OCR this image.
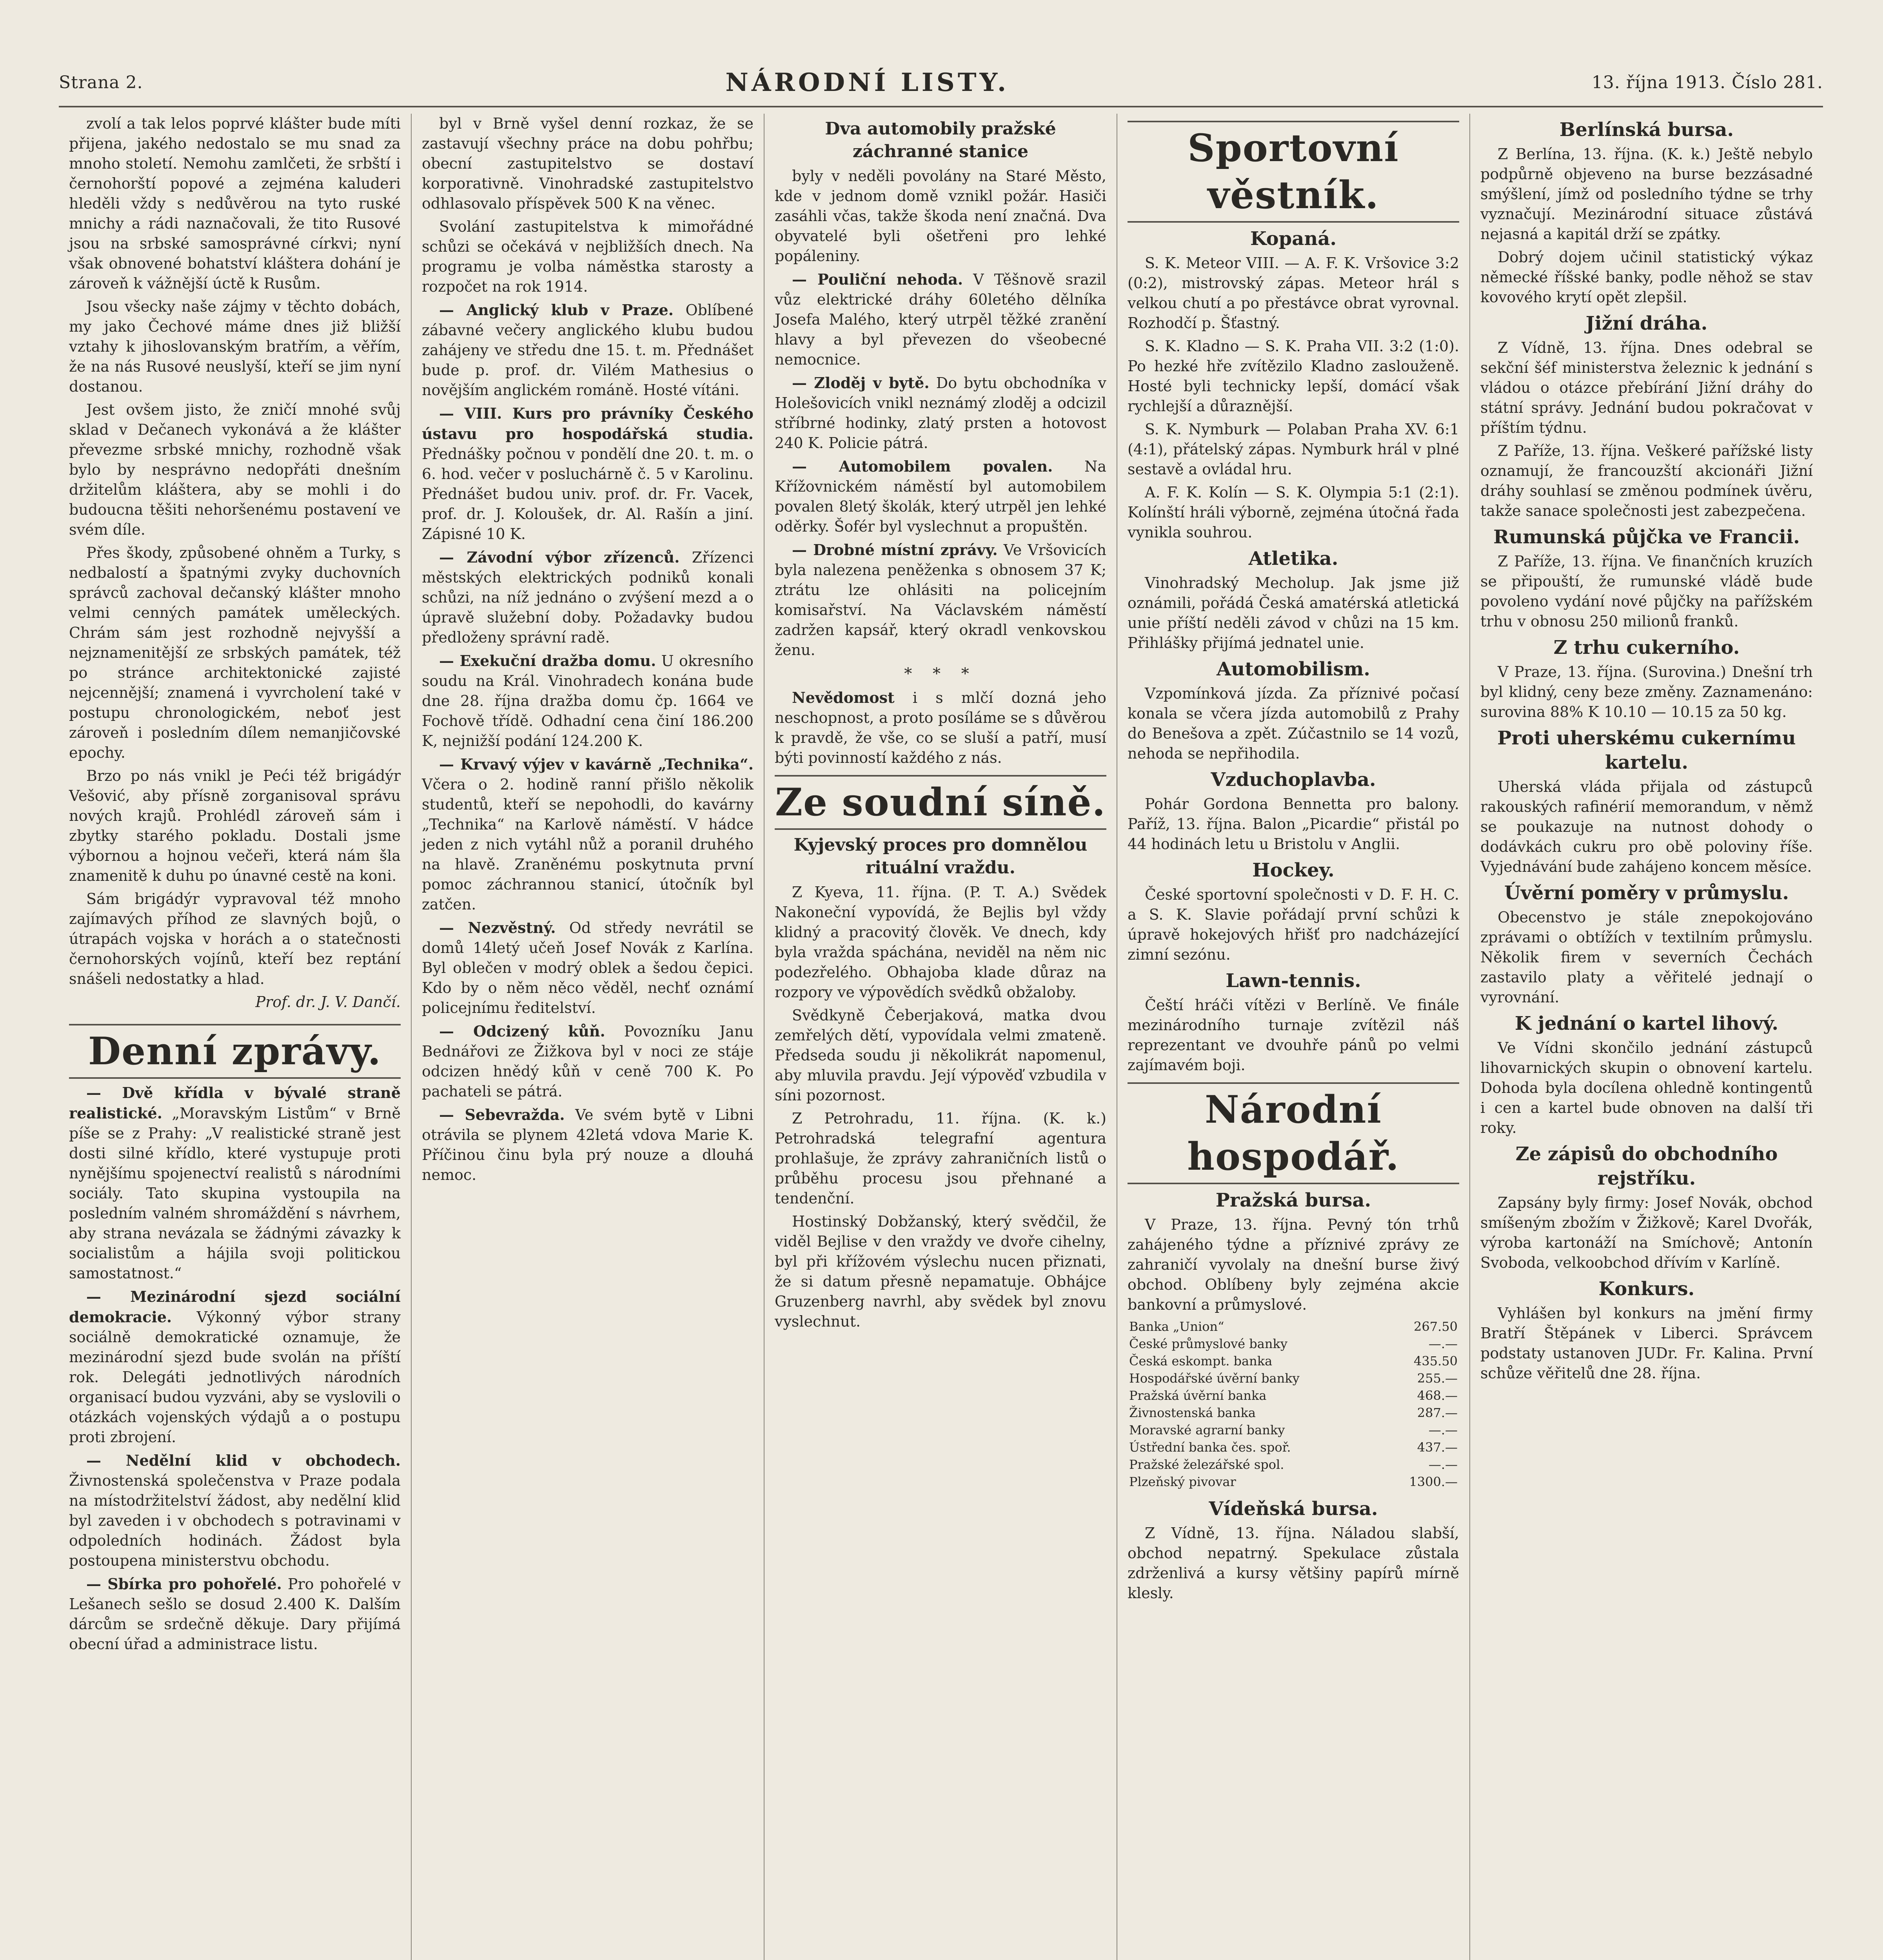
Strana 2.	NÁRODNÍ LISTY.	13. října 1913. Číslo 281.

zvolí a tak lelos poprvé klášter bude míti přijena, jakého nedostalo se mu snad za mnoho století. Nemohu zamlčeti, že srbští i černohorští popové a zejména kaluderi hleděli vždy s nedůvěrou na tyto ruské mnichy a rádi naznačovali, že tito Rusové jsou na srbské samosprávné církvi; nyní však obnovené bohatství kláštera dohání je zároveň k vážnější úctě k Rusům.

Jsou všecky naše zájmy v těchto dobách, my jako Čechové máme dnes již bližší vztahy k jihoslovanským bratřím, a věřím, že na nás Rusové neuslyší, kteří se jim nyní dostanou.

Jest ovšem jisto, že zničí mnohé svůj sklad v Dečanech vykonává a že klášter převezme srbské mnichy, rozhodně však bylo by nesprávno nedopřáti dnešním držitelům kláštera, aby se mohli i do budoucna těšiti nehoršenému postavení ve svém díle.

Přes škody, způsobené ohněm a Turky, s nedbalostí a špatnými zvyky duchovních správců zachoval dečanský klášter mnoho velmi cenných památek uměleckých. Chrám sám jest rozhodně nejvyšší a nejznamenitější ze srbských památek, též po stránce architektonické zajisté nejcennější; znamená i vyvrcholení také v postupu chronologickém, neboť jest zároveň i posledním dílem nemanjičovské epochy.

Brzo po nás vnikl je Peći též brigádýr Vešović, aby přísně zorganisoval správu nových krajů. Prohlédl zároveň sám i zbytky starého pokladu. Dostali jsme výbornou a hojnou večeři, která nám šla znamenitě k duhu po únavné cestě na koni.

Sám brigádýr vypravoval též mnoho zajímavých příhod ze slavných bojů, o útrapách vojska v horách a o statečnosti černohorských vojínů, kteří bez reptání snášeli nedostatky a hlad.

Prof. dr. J. V. Dančí.

Denní zprávy.

— Dvě křídla v bývalé straně realistické. „Moravským Listům“ v Brně píše se z Prahy: „V realistické straně jest dosti silné křídlo, které vystupuje proti nynějšímu spojenectví realistů s národními sociály. Tato skupina vystoupila na posledním valném shromáždění s návrhem, aby strana nevázala se žádnými závazky k socialistům a hájila svoji politickou samostatnost.“

— Mezinárodní sjezd sociální demokracie. Výkonný výbor strany sociálně demokratické oznamuje, že mezinárodní sjezd bude svolán na příští rok. Delegáti jednotlivých národních organisací budou vyzváni, aby se vyslovili o otázkách vojenských výdajů a o postupu proti zbrojení.

— Nedělní klid v obchodech. Živnostenská společenstva v Praze podala na místodržitelství žádost, aby nedělní klid byl zaveden i v obchodech s potravinami v odpoledních hodinách. Žádost byla postoupena ministerstvu obchodu.

— Sbírka pro pohořelé. Pro pohořelé v Lešanech sešlo se dosud 2.400 K. Dalším dárcům se srdečně děkuje. Dary přijímá obecní úřad a administrace listu.

byl v Brně vyšel denní rozkaz, že se zastavují všechny práce na dobu pohřbu; obecní zastupitelstvo se dostaví korporativně. Vinohradské zastupitelstvo odhlasovalo příspěvek 500 K na věnec.

Svolání zastupitelstva k mimořádné schůzi se očekává v nejbližších dnech. Na programu je volba náměstka starosty a rozpočet na rok 1914.

— Anglický klub v Praze. Oblíbené zábavné večery anglického klubu budou zahájeny ve středu dne 15. t. m. Přednášet bude p. prof. dr. Vilém Mathesius o novějším anglickém románě. Hosté vítáni.

— VIII. Kurs pro právníky Českého ústavu pro hospodářská studia. Přednášky počnou v pondělí dne 20. t. m. o 6. hod. večer v posluchárně č. 5 v Karolinu. Přednášet budou univ. prof. dr. Fr. Vacek, prof. dr. J. Koloušek, dr. Al. Rašín a jiní. Zápisné 10 K.

— Závodní výbor zřízenců. Zřízenci městských elektrických podniků konali schůzi, na níž jednáno o zvýšení mezd a o úpravě služební doby. Požadavky budou předloženy správní radě.

— Exekuční dražba domu. U okresního soudu na Král. Vinohradech konána bude dne 28. října dražba domu čp. 1664 ve Fochově třídě. Odhadní cena činí 186.200 K, nejnižší podání 124.200 K.

— Krvavý výjev v kavárně „Technika“. Včera o 2. hodině ranní přišlo několik studentů, kteří se nepohodli, do kavárny „Technika“ na Karlově náměstí. V hádce jeden z nich vytáhl nůž a poranil druhého na hlavě. Zraněnému poskytnuta první pomoc záchrannou stanicí, útočník byl zatčen.

— Nezvěstný. Od středy nevrátil se domů 14letý učeň Josef Novák z Karlína. Byl oblečen v modrý oblek a šedou čepici. Kdo by o něm něco věděl, nechť oznámí policejnímu ředitelství.

— Odcizený kůň. Povozníku Janu Bednářovi ze Žižkova byl v noci ze stáje odcizen hnědý kůň v ceně 700 K. Po pachateli se pátrá.

— Sebevražda. Ve svém bytě v Libni otrávila se plynem 42letá vdova Marie K. Příčinou činu byla prý nouze a dlouhá nemoc.

Dva automobily pražské záchranné stanice

byly v neděli povolány na Staré Město, kde v jednom domě vznikl požár. Hasiči zasáhli včas, takže škoda není značná. Dva obyvatelé byli ošetřeni pro lehké popáleniny.

— Pouliční nehoda. V Těšnově srazil vůz elektrické dráhy 60letého dělníka Josefa Malého, který utrpěl těžké zranění hlavy a byl převezen do všeobecné nemocnice.

— Zloděj v bytě. Do bytu obchodníka v Holešovicích vnikl neznámý zloděj a odcizil stříbrné hodinky, zlatý prsten a hotovost 240 K. Policie pátrá.

— Automobilem povalen. Na Křížovnickém náměstí byl automobilem povalen 8letý školák, který utrpěl jen lehké oděrky. Šofér byl vyslechnut a propuštěn.

— Drobné místní zprávy. Ve Vršovicích byla nalezena peněženka s obnosem 37 K; ztrátu lze ohlásiti na policejním komisařství. Na Václavském náměstí zadržen kapsář, který okradl venkovskou ženu.

* * *

Nevědomost i s mlčí dozná jeho neschopnost, a proto posíláme se s důvěrou k pravdě, že vše, co se sluší a patří, musí býti povinností každého z nás.

Ze soudní síně.
Kyjevský proces pro domnělou rituální vraždu.

Z Kyeva, 11. října. (P. T. A.) Svědek Nakoneční vypovídá, že Bejlis byl vždy klidný a pracovitý člověk. Ve dnech, kdy byla vražda spáchána, neviděl na něm nic podezřelého. Obhajoba klade důraz na rozpory ve výpovědích svědků obžaloby.

Svědkyně Čeberjaková, matka dvou zemřelých dětí, vypovídala velmi zmateně. Předseda soudu ji několikrát napomenul, aby mluvila pravdu. Její výpověď vzbudila v síni pozornost.

Z Petrohradu, 11. října. (K. k.) Petrohradská telegrafní agentura prohlašuje, že zprávy zahraničních listů o průběhu procesu jsou přehnané a tendenční.

Hostinský Dobžanský, který svědčil, že viděl Bejlise v den vraždy ve dvoře cihelny, byl při křížovém výslechu nucen přiznati, že si datum přesně nepamatuje. Obhájce Gruzenberg navrhl, aby svědek byl znovu vyslechnut.

Sportovní věstník.
Kopaná.

S. K. Meteor VIII. — A. F. K. Vršovice 3:2 (0:2), mistrovský zápas. Meteor hrál s velkou chutí a po přestávce obrat vyrovnal. Rozhodčí p. Šťastný.

S. K. Kladno — S. K. Praha VII. 3:2 (1:0). Po hezké hře zvítězilo Kladno zaslouženě. Hosté byli technicky lepší, domácí však rychlejší a důraznější.

S. K. Nymburk — Polaban Praha XV. 6:1 (4:1), přátelský zápas. Nymburk hrál v plné sestavě a ovládal hru.

A. F. K. Kolín — S. K. Olympia 5:1 (2:1). Kolínští hráli výborně, zejména útočná řada vynikla souhrou.

Atletika.

Vinohradský Mecholup. Jak jsme již oznámili, pořádá Česká amatérská atletická unie příští neděli závod v chůzi na 15 km. Přihlášky přijímá jednatel unie.

Automobilism.

Vzpomínková jízda. Za příznivé počasí konala se včera jízda automobilů z Prahy do Benešova a zpět. Zúčastnilo se 14 vozů, nehoda se nepřihodila.

Vzduchoplavba.

Pohár Gordona Bennetta pro balony. Paříž, 13. října. Balon „Picardie“ přistál po 44 hodinách letu u Bristolu v Anglii.

Hockey.

České sportovní společnosti v D. F. H. C. a S. K. Slavie pořádají první schůzi k úpravě hokejových hřišť pro nadcházející zimní sezónu.

Lawn-tennis.

Čeští hráči vítězi v Berlíně. Ve finále mezinárodního turnaje zvítězil náš reprezentant ve dvouhře pánů po velmi zajímavém boji.

Národní hospodář.
Pražská bursa.

V Praze, 13. října. Pevný tón trhů zahájeného týdne a příznivé zprávy ze zahraničí vyvolaly na dnešní burse živý obchod. Oblíbeny byly zejména akcie bankovní a průmyslové.

Banka „Union“	267.50
České průmyslové banky	—.—
Česká eskompt. banka	435.50
Hospodářské úvěrní banky	255.—
Pražská úvěrní banka	468.—
Živnostenská banka	287.—
Moravské agrarní banky	—.—
Ústřední banka čes. spoř.	437.—
Pražské železářské spol.	—.—
Plzeňský pivovar	1300.—
Vídeňská bursa.

Z Vídně, 13. října. Náladou slabší, obchod nepatrný. Spekulace zůstala zdrženlivá a kursy většiny papírů mírně klesly.

Berlínská bursa.

Z Berlína, 13. října. (K. k.) Ještě nebylo podpůrně objeveno na burse bezzásadné smýšlení, jímž od posledního týdne se trhy vyznačují. Mezinárodní situace zůstává nejasná a kapitál drží se zpátky.

Dobrý dojem učinil statistický výkaz německé říšské banky, podle něhož se stav kovového krytí opět zlepšil.

Jižní dráha.

Z Vídně, 13. října. Dnes odebral se sekční šéf ministerstva železnic k jednání s vládou o otázce přebírání Jižní dráhy do státní správy. Jednání budou pokračovat v příštím týdnu.

Z Paříže, 13. října. Veškeré pařížské listy oznamují, že francouzští akcionáři Jižní dráhy souhlasí se změnou podmínek úvěru, takže sanace společnosti jest zabezpečena.

Rumunská půjčka ve Francii.

Z Paříže, 13. října. Ve finančních kruzích se připouští, že rumunské vládě bude povoleno vydání nové půjčky na pařížském trhu v obnosu 250 milionů franků.

Z trhu cukerního.

V Praze, 13. října. (Surovina.) Dnešní trh byl klidný, ceny beze změny. Zaznamenáno: surovina 88% K 10.10 — 10.15 za 50 kg.

Proti uherskému cukernímu kartelu.

Uherská vláda přijala od zástupců rakouských rafinérií memorandum, v němž se poukazuje na nutnost dohody o dodávkách cukru pro obě poloviny říše. Vyjednávání bude zahájeno koncem měsíce.

Úvěrní poměry v průmyslu.

Obecenstvo je stále znepokojováno zprávami o obtížích v textilním průmyslu. Několik firem v severních Čechách zastavilo platy a věřitelé jednají o vyrovnání.

K jednání o kartel lihový.

Ve Vídni skončilo jednání zástupců lihovarnických skupin o obnovení kartelu. Dohoda byla docílena ohledně kontingentů i cen a kartel bude obnoven na další tři roky.

Ze zápisů do obchodního rejstříku.

Zapsány byly firmy: Josef Novák, obchod smíšeným zbožím v Žižkově; Karel Dvořák, výroba kartonáží na Smíchově; Antonín Svoboda, velkoobchod dřívím v Karlíně.

Konkurs.

Vyhlášen byl konkurs na jmění firmy Bratří Štěpánek v Liberci. Správcem podstaty ustanoven JUDr. Fr. Kalina. První schůze věřitelů dne 28. října.
